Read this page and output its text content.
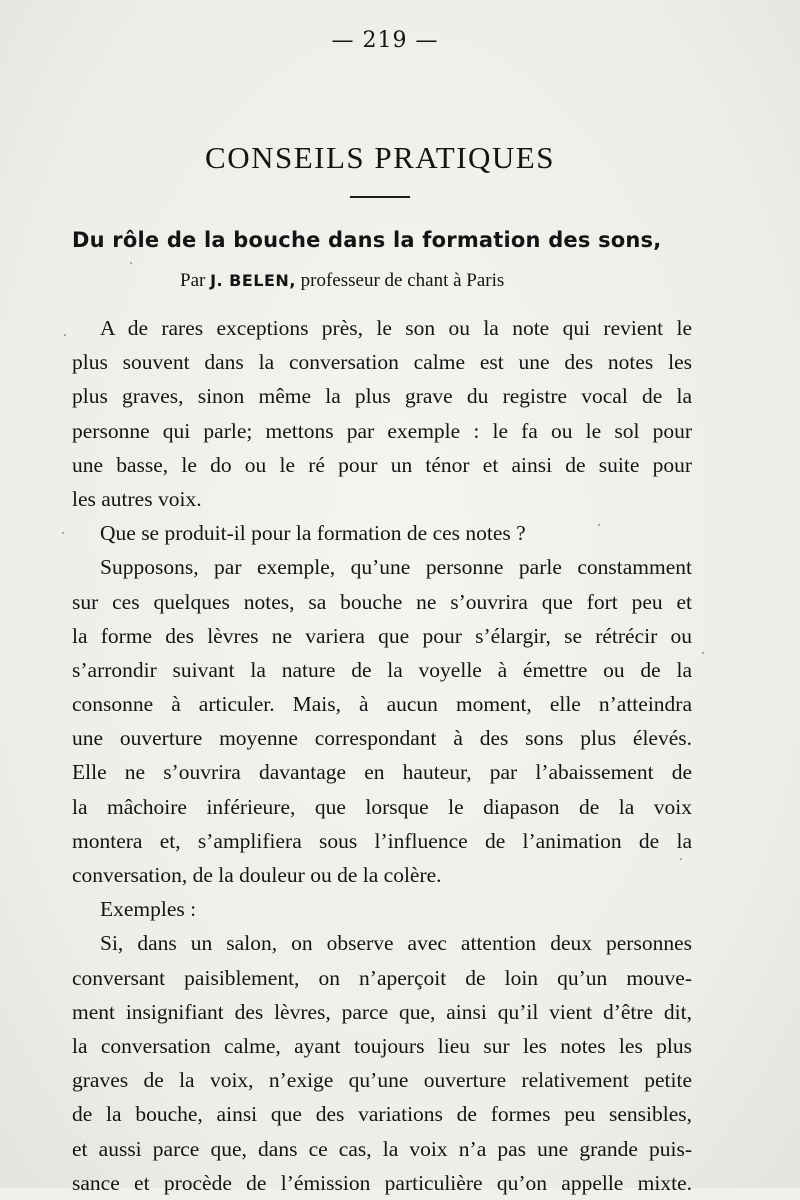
— 219 —
CONSEILS PRATIQUES
Du rôle de la bouche dans la formation des sons,
Par J. BELEN, professeur de chant à Paris
A de rares exceptions près, le son ou la note qui revient le
plus souvent dans la conversation calme est une des notes les
plus graves, sinon même la plus grave du registre vocal de la
personne qui parle; mettons par exemple : le fa ou le sol pour
une basse, le do ou le ré pour un ténor et ainsi de suite pour
les autres voix.
Que se produit-il pour la formation de ces notes ?
Supposons, par exemple, qu’une personne parle constamment
sur ces quelques notes, sa bouche ne s’ouvrira que fort peu et
la forme des lèvres ne variera que pour s’élargir, se rétrécir ou
s’arrondir suivant la nature de la voyelle à émettre ou de la
consonne à articuler. Mais, à aucun moment, elle n’atteindra
une ouverture moyenne correspondant à des sons plus élevés.
Elle ne s’ouvrira davantage en hauteur, par l’abaissement de
la mâchoire inférieure, que lorsque le diapason de la voix
montera et, s’amplifiera sous l’influence de l’animation de la
conversation, de la douleur ou de la colère.
Exemples :
Si, dans un salon, on observe avec attention deux personnes
conversant paisiblement, on n’aperçoit de loin qu’un mouve-
ment insignifiant des lèvres, parce que, ainsi qu’il vient d’être dit,
la conversation calme, ayant toujours lieu sur les notes les plus
graves de la voix, n’exige qu’une ouverture relativement petite
de la bouche, ainsi que des variations de formes peu sensibles,
et aussi parce que, dans ce cas, la voix n’a pas une grande puis-
sance et procède de l’émission particulière qu’on appelle mixte.
